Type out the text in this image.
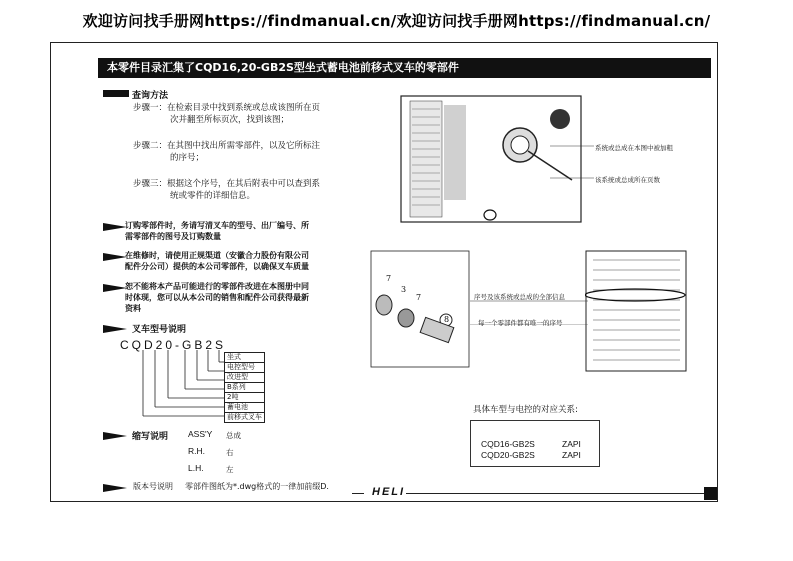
欢迎访问找手册网https://findmanual.cn/欢迎访问找手册网https://findmanual.cn/
本零件目录汇集了CQD16,20-GB2S型坐式蓄电池前移式叉车的零部件
查询方法
步骤一：在检索目录中找到系统或总成该图所在页
次并翻至所标页次，找到该图；
步骤二：在其图中找出所需零部件，以及它所标注
的序号；
步骤三：根据这个序号，在其后附表中可以查到系
统或零件的详细信息。
订购零部件时，务请写清叉车的型号、出厂编号、所
需零部件的图号及订购数量
在维修时，请使用正规渠道（安徽合力股份有限公司
配件分公司）提供的本公司零部件，以确保叉车质量
恕不能将本产品可能进行的零部件改进在本图册中同
时体现，您可以从本公司的销售和配件公司获得最新
资料
叉车型号说明
CQD20-GB2S
坐式
电控型号
改进型
B系列
2吨
蓄电池
前移式叉车
缩写说明 ASS'Y 总成
R.H.	右
L.H.	左
版本号说明 零部件图纸为*.dwg格式的一律加前缀D.	HELI
系统或总成在本图中被加粗
该系统或总成所在页数
7
3
7
8
序号及该系统或总成的全部信息
每一个零部件都有唯一的序号
具体车型与电控的对应关系:
CQD16-GB2S	ZAPI
CQD20-GB2S	ZAPI
